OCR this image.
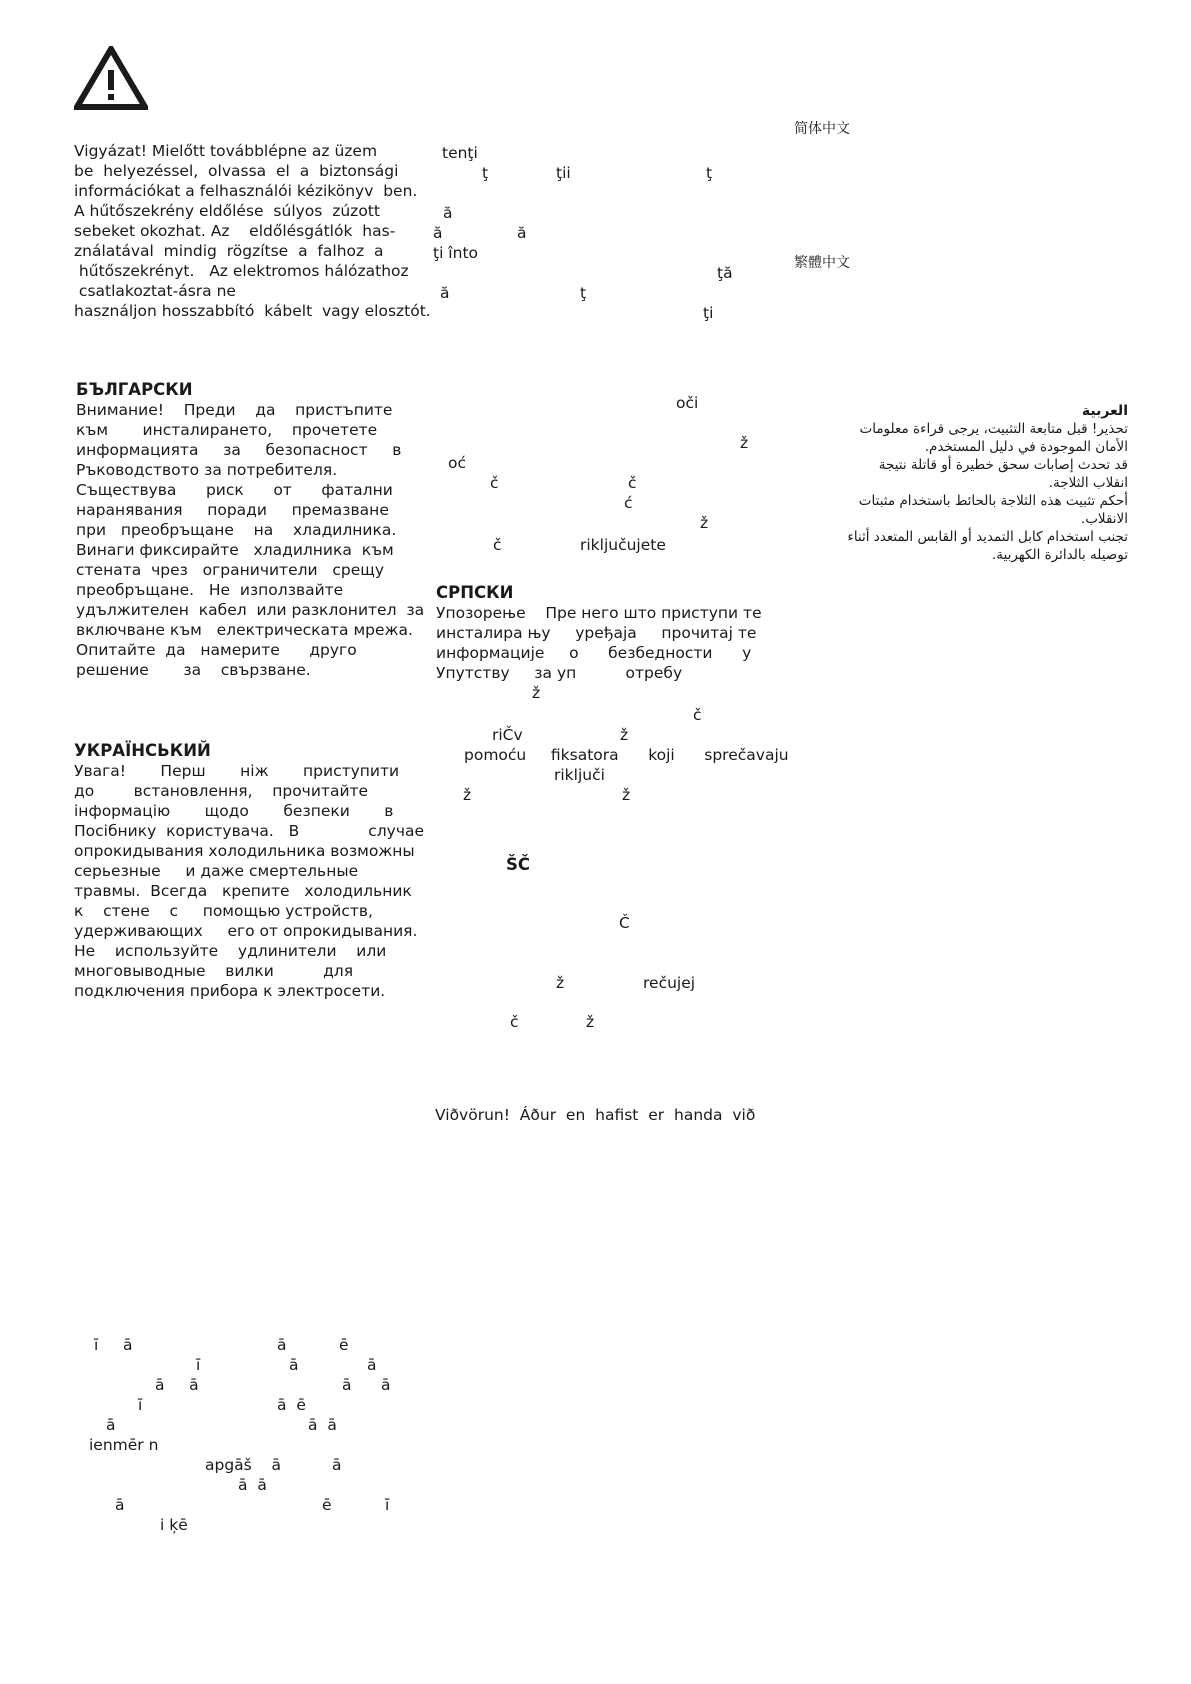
Vigyázat! Mielőtt továbblépne az üzem
be  helyezéssel,  olvassa  el  a  biztonsági
információkat a felhasználói kézikönyv  ben.
A hűtőszekrény eldőlése  súlyos  zúzott
sebeket okozhat. Az    eldőlésgátlók  has-
ználatával  mindig  rögzítse  a  falhoz  a
hűtőszekrényt.   Az elektromos hálózathoz
csatlakoztat-ásra ne
használjon hosszabbító  kábelt  vagy elosztót.
БЪЛГАРСКИ
Внимание!    Преди    да    пристъпите
към       инсталирането,    прочетете
информацията     за     безопасност     в
Ръководството за потребителя.
Съществува      риск      от      фатални
наранявания     поради     премазване
при   преобръщане    на    хладилника.
Винаги фиксирайте   хладилника  към
стената  чрез   ограничители   срещу
преобръщане.   Не  използвайте
удължителен  кабел  или разклонител  за
включване към   електрическата мрежа.
Опитайте  да   намерите      друго
решение       за    свързване.
УКРАЇНСЬКИЙ
Увага!       Перш       ніж       приступити
до        встановлення,    прочитайте
інформацію       щодо       безпеки       в
Посібнику  користувача.   В              случае
опрокидывания холодильника возможны
серьезные     и даже смертельные
травмы.  Всегда   крепите   холодильник
к    стене    с     помощью устройств,
удерживающих     его от опрокидывания.
Не    используйте    удлинители    или
многовыводные    вилки          для
подключения прибора к электросети.
tenţi
ţ	ţii	ţ
ă
ă	ă
ţi înto
ţă
ă	ţ
ţi
简体中文
繁體中文
oči
ž
oć
č	č
ć
ž
č	riključujete
СРПСКИ
Упозорење    Пре него што приступи те
инсталира њу     уређаја     прочитај те
информације     о      безбедности      у
Упутству     за уп          отребу
ž
č
riČv	ž
pomoću     fiksatora      koji      sprečavaju
riključi
ž	ž
ŠČ
Č
ž	rečujej
č	ž
Viðvörun!  Áður  en  hafist  er  handa  við
العربية
تحذير! قبل متابعة التثبيت، يرجى قراءة معلومات
الأمان الموجودة في دليل المستخدم.
قد تحدث إصابات سحق خطيرة أو قاتلة نتيجة
انقلاب الثلاجة.
أحكم تثبيت هذه الثلاجة بالحائط باستخدام مثبتات
الانقلاب.
تجنب استخدام كابل التمديد أو القابس المتعدد أثناء
توصيله بالدائرة الكهربية.
ī     ā	ā	ē
ī	ā	ā
ā     ā	ā      ā
ī	ā  ē
ā	ā  ā
ienmēr n
apgāš    ā	ā
ā  ā
ā	ē	ī
i ķē
